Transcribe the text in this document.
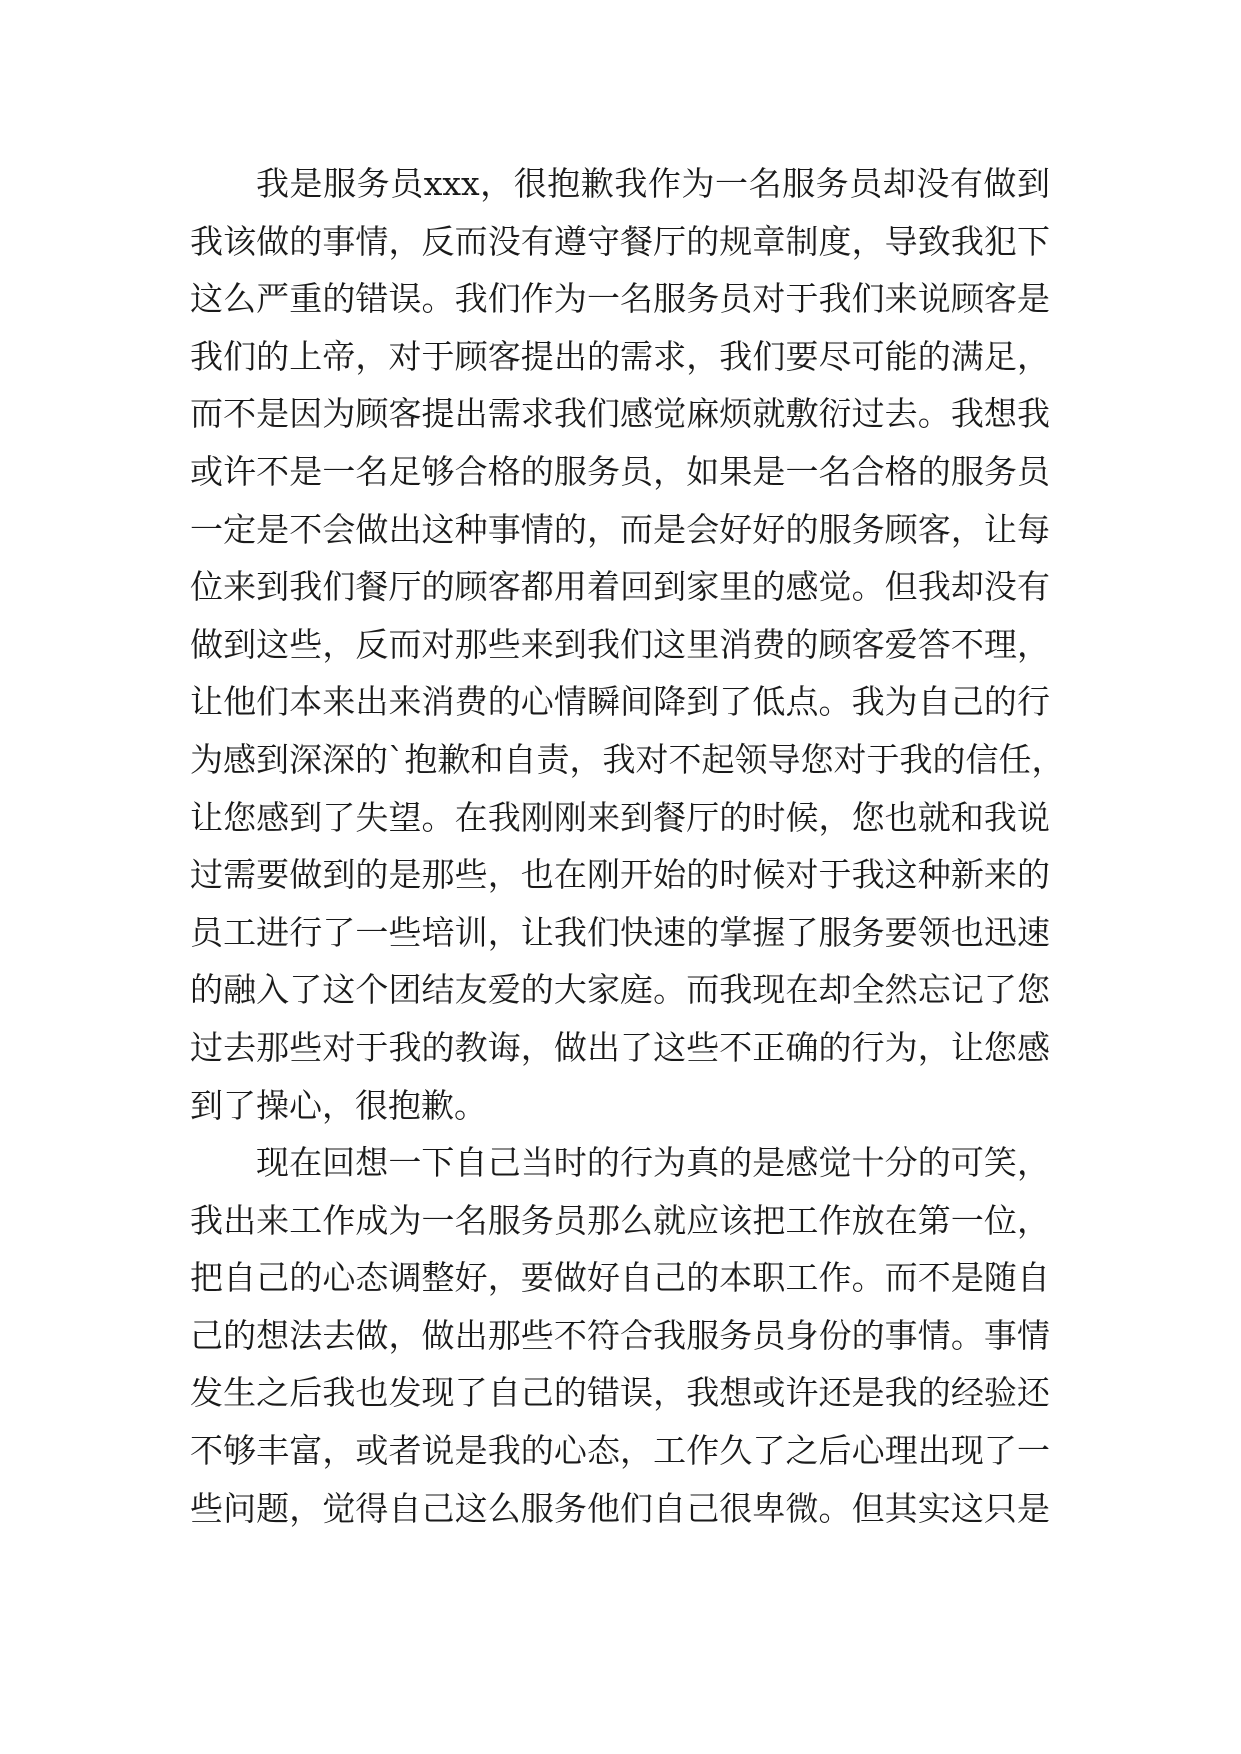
我是服务员xxx，很抱歉我作为一名服务员却没有做到
我该做的事情，反而没有遵守餐厅的规章制度，导致我犯下
这么严重的错误。我们作为一名服务员对于我们来说顾客是
我们的上帝，对于顾客提出的需求，我们要尽可能的满足，
而不是因为顾客提出需求我们感觉麻烦就敷衍过去。我想我
或许不是一名足够合格的服务员，如果是一名合格的服务员
一定是不会做出这种事情的，而是会好好的服务顾客，让每
位来到我们餐厅的顾客都用着回到家里的感觉。但我却没有
做到这些，反而对那些来到我们这里消费的顾客爱答不理，
让他们本来出来消费的心情瞬间降到了低点。我为自己的行
为感到深深的`抱歉和自责，我对不起领导您对于我的信任，
让您感到了失望。在我刚刚来到餐厅的时候，您也就和我说
过需要做到的是那些，也在刚开始的时候对于我这种新来的
员工进行了一些培训，让我们快速的掌握了服务要领也迅速
的融入了这个团结友爱的大家庭。而我现在却全然忘记了您
过去那些对于我的教诲，做出了这些不正确的行为，让您感
到了操心，很抱歉。
现在回想一下自己当时的行为真的是感觉十分的可笑，
我出来工作成为一名服务员那么就应该把工作放在第一位，
把自己的心态调整好，要做好自己的本职工作。而不是随自
己的想法去做，做出那些不符合我服务员身份的事情。事情
发生之后我也发现了自己的错误，我想或许还是我的经验还
不够丰富，或者说是我的心态，工作久了之后心理出现了一
些问题，觉得自己这么服务他们自己很卑微。但其实这只是
